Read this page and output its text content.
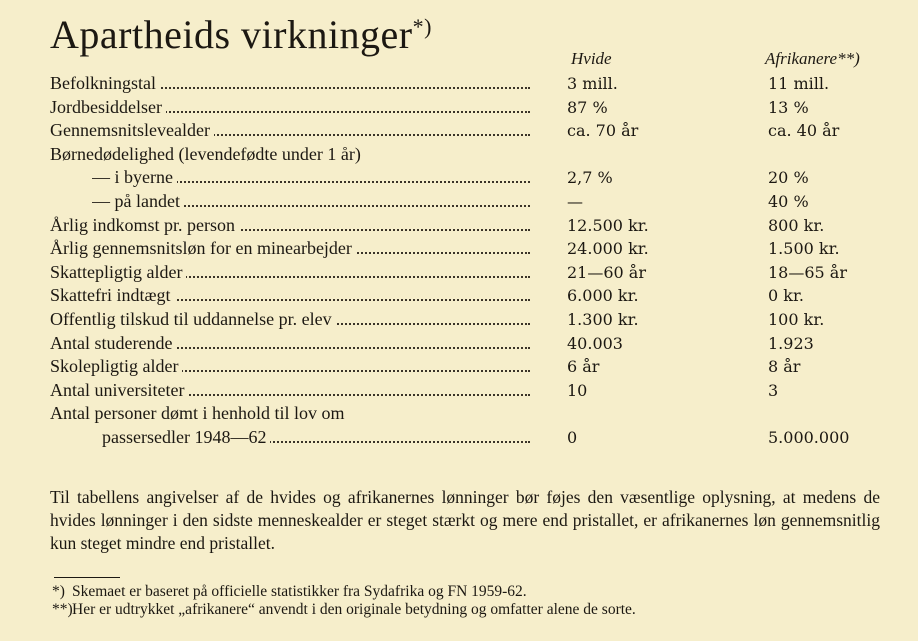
Apartheids virkninger*)
Hvide	Afrikanere**)
Befolkningstal	3 mill.	11 mill.
Jordbesiddelser	87 %	13 %
Gennemsnitslevealder	ca. 70 år	ca. 40 år
Børnedødelighed (levendefødte under 1 år)
— i byerne	2,7 %	20 %
— på landet	—	40 %
Årlig indkomst pr. person	12.500 kr.	800 kr.
Årlig gennemsnitsløn for en minearbejder	24.000 kr.	1.500 kr.
Skattepligtig alder	21—60 år	18—65 år
Skattefri indtægt	6.000 kr.	0 kr.
Offentlig tilskud til uddannelse pr. elev	1.300 kr.	100 kr.
Antal studerende	40.003	1.923
Skolepligtig alder	6 år	8 år
Antal universiteter	10	3
Antal personer dømt i henhold til lov om
passersedler 1948—62	0	5.000.000
Til tabellens angivelser af de hvides og afrikanernes lønninger bør føjes den væsentlige oplysning, at medens de hvides lønninger i den sidste menneskealder er steget stærkt og mere end pristallet, er afrikanernes løn gennemsnitlig kun steget mindre end pristallet.
*) Skemaet er baseret på officielle statistikker fra Sydafrika og FN 1959-62.
**)Her er udtrykket „afrikanere“ anvendt i den originale betydning og omfatter alene de sorte.
